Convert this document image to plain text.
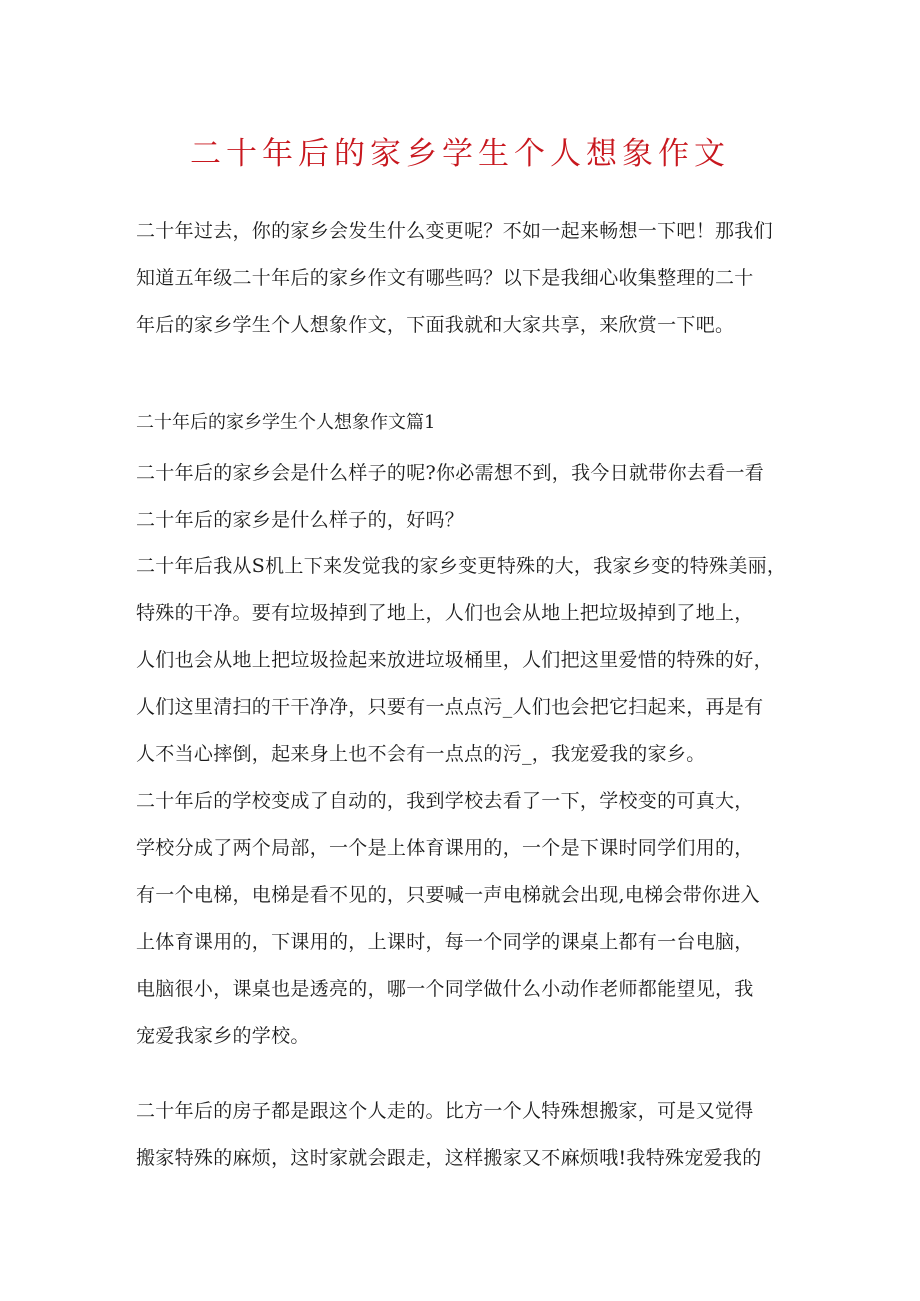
二十年后的家乡学生个人想象作文
二十年过去，你的家乡会发生什么变更呢？不如一起来畅想一下吧！那我们
知道五年级二十年后的家乡作文有哪些吗？以下是我细心收集整理的二十
年后的家乡学生个人想象作文，下面我就和大家共享，来欣赏一下吧。
二十年后的家乡学生个人想象作文篇1
二十年后的家乡会是什么样子的呢?你必需想不到，我今日就带你去看一看
二十年后的家乡是什么样子的，好吗？
二十年后我从S机上下来发觉我的家乡变更特殊的大，我家乡变的特殊美丽，
特殊的干净。要有垃圾掉到了地上，人们也会从地上把垃圾掉到了地上，
人们也会从地上把垃圾捡起来放进垃圾桶里，人们把这里爱惜的特殊的好，
人们这里清扫的干干净净，只要有一点点污_人们也会把它扫起来，再是有
人不当心摔倒，起来身上也不会有一点点的污_，我宠爱我的家乡。
二十年后的学校变成了自动的，我到学校去看了一下，学校变的可真大，
学校分成了两个局部，一个是上体育课用的，一个是下课时同学们用的，
有一个电梯，电梯是看不见的，只要喊一声电梯就会出现,电梯会带你进入
上体育课用的，下课用的，上课时，每一个同学的课桌上都有一台电脑，
电脑很小，课桌也是透亮的，哪一个同学做什么小动作老师都能望见，我
宠爱我家乡的学校。
二十年后的房子都是跟这个人走的。比方一个人特殊想搬家，可是又觉得
搬家特殊的麻烦，这时家就会跟走，这样搬家又不麻烦哦!我特殊宠爱我的
